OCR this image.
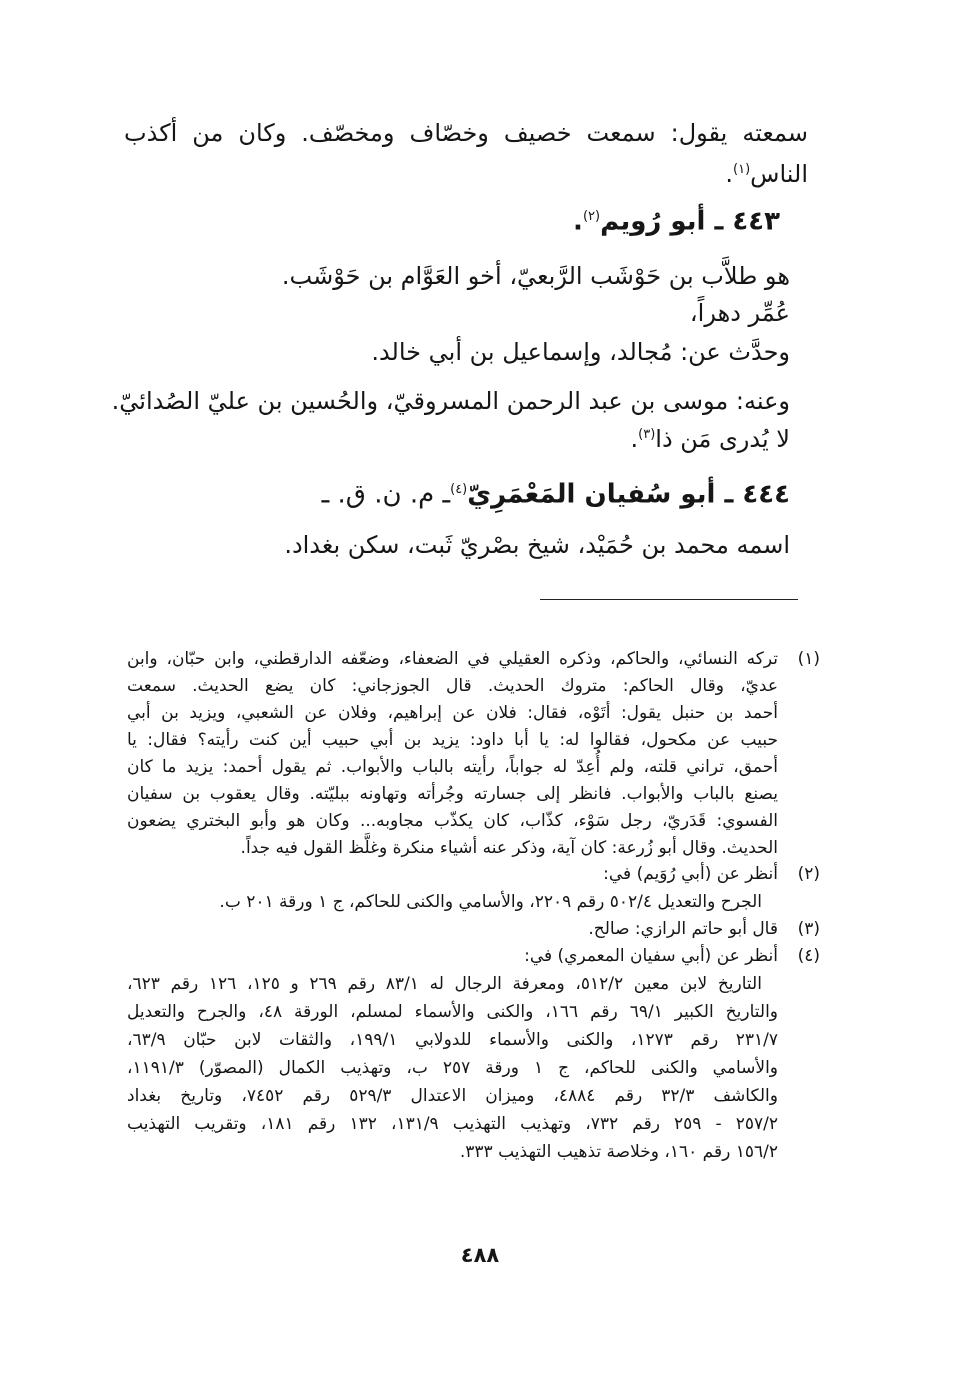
سمعته يقول: سمعت خصيف وخصّاف ومخصّف. وكان من أكذب
الناس$^{(١)}$.
٤٤٣ ـ أبو رُويم$^{(٢)}$.
هو طلاَّب بن حَوْشَب الرَّبعيّ، أخو العَوَّام بن حَوْشَب.
عُمِّر دهراً،
وحدَّث عن: مُجالد، وإسماعيل بن أبي خالد.
وعنه: موسى بن عبد الرحمن المسروقيّ، والحُسين بن عليّ الصُدائيّ.
لا يُدرى مَن ذا$^{(٣)}$.
٤٤٤ ـ أبو سُفيان المَعْمَرِيّ$^{(٤)}$ـ م. ن. ق. ـ
اسمه محمد بن حُمَيْد، شيخ بصْريّ ثَبت، سكن بغداد.
(١)
تركه النسائي، والحاكم، وذكره العقيلي في الضعفاء، وضعّفه الدارقطني، وابن حبّان، وابن
عديّ، وقال الحاكم: متروك الحديث. قال الجوزجاني: كان يضع الحديث. سمعت
أحمد بن حنبل يقول: أتَوْه، فقال: فلان عن إبراهيم، وفلان عن الشعبي، ويزيد بن أبي
حبيب عن مكحول، فقالوا له: يا أبا داود: يزيد بن أبي حبيب أين كنت رأيته؟ فقال: يا
أحمق، تراني قلته، ولم أُعِدّ له جواباً، رأيته بالباب والأبواب. ثم يقول أحمد: يزيد ما كان
يصنع بالباب والأبواب. فانظر إلى جسارته وجُرأته وتهاونه ببليّته. وقال يعقوب بن سفيان
الفسوي: قَدَريّ، رجل سَوْء، كذّاب، كان يكذّب مجاوبه... وكان هو وأبو البختري يضعون
الحديث. وقال أبو زُرعة: كان آية، وذكر عنه أشياء منكرة وغلَّظ القول فيه جداً.
(٢)
أنظر عن (أبي رُوَيم) في:
الجرح والتعديل ٥٠٢/٤ رقم ٢٢٠٩، والأسامي والكنى للحاكم، ج ١ ورقة ٢٠١ ب.
(٣)
قال أبو حاتم الرازي: صالح.
(٤)
أنظر عن (أبي سفيان المعمري) في:
التاريخ لابن معين ٥١٢/٢، ومعرفة الرجال له ٨٣/١ رقم ٢٦٩ و ١٢٥، ١٢٦ رقم ٦٢٣،
والتاريخ الكبير ٦٩/١ رقم ١٦٦، والكنى والأسماء لمسلم، الورقة ٤٨، والجرح والتعديل
٢٣١/٧ رقم ١٢٧٣، والكنى والأسماء للدولابي ١٩٩/١، والثقات لابن حبّان ٦٣/٩،
والأسامي والكنى للحاكم، ج ١ ورقة ٢٥٧ ب، وتهذيب الكمال (المصوّر) ١١٩١/٣،
والكاشف ٣٢/٣ رقم ٤٨٨٤، وميزان الاعتدال ٥٢٩/٣ رقم ٧٤٥٢، وتاريخ بغداد
٢٥٧/٢ - ٢٥٩ رقم ٧٣٢، وتهذيب التهذيب ١٣١/٩، ١٣٢ رقم ١٨١، وتقريب التهذيب
١٥٦/٢ رقم ١٦٠، وخلاصة تذهيب التهذيب ٣٣٣.
٤٨٨
